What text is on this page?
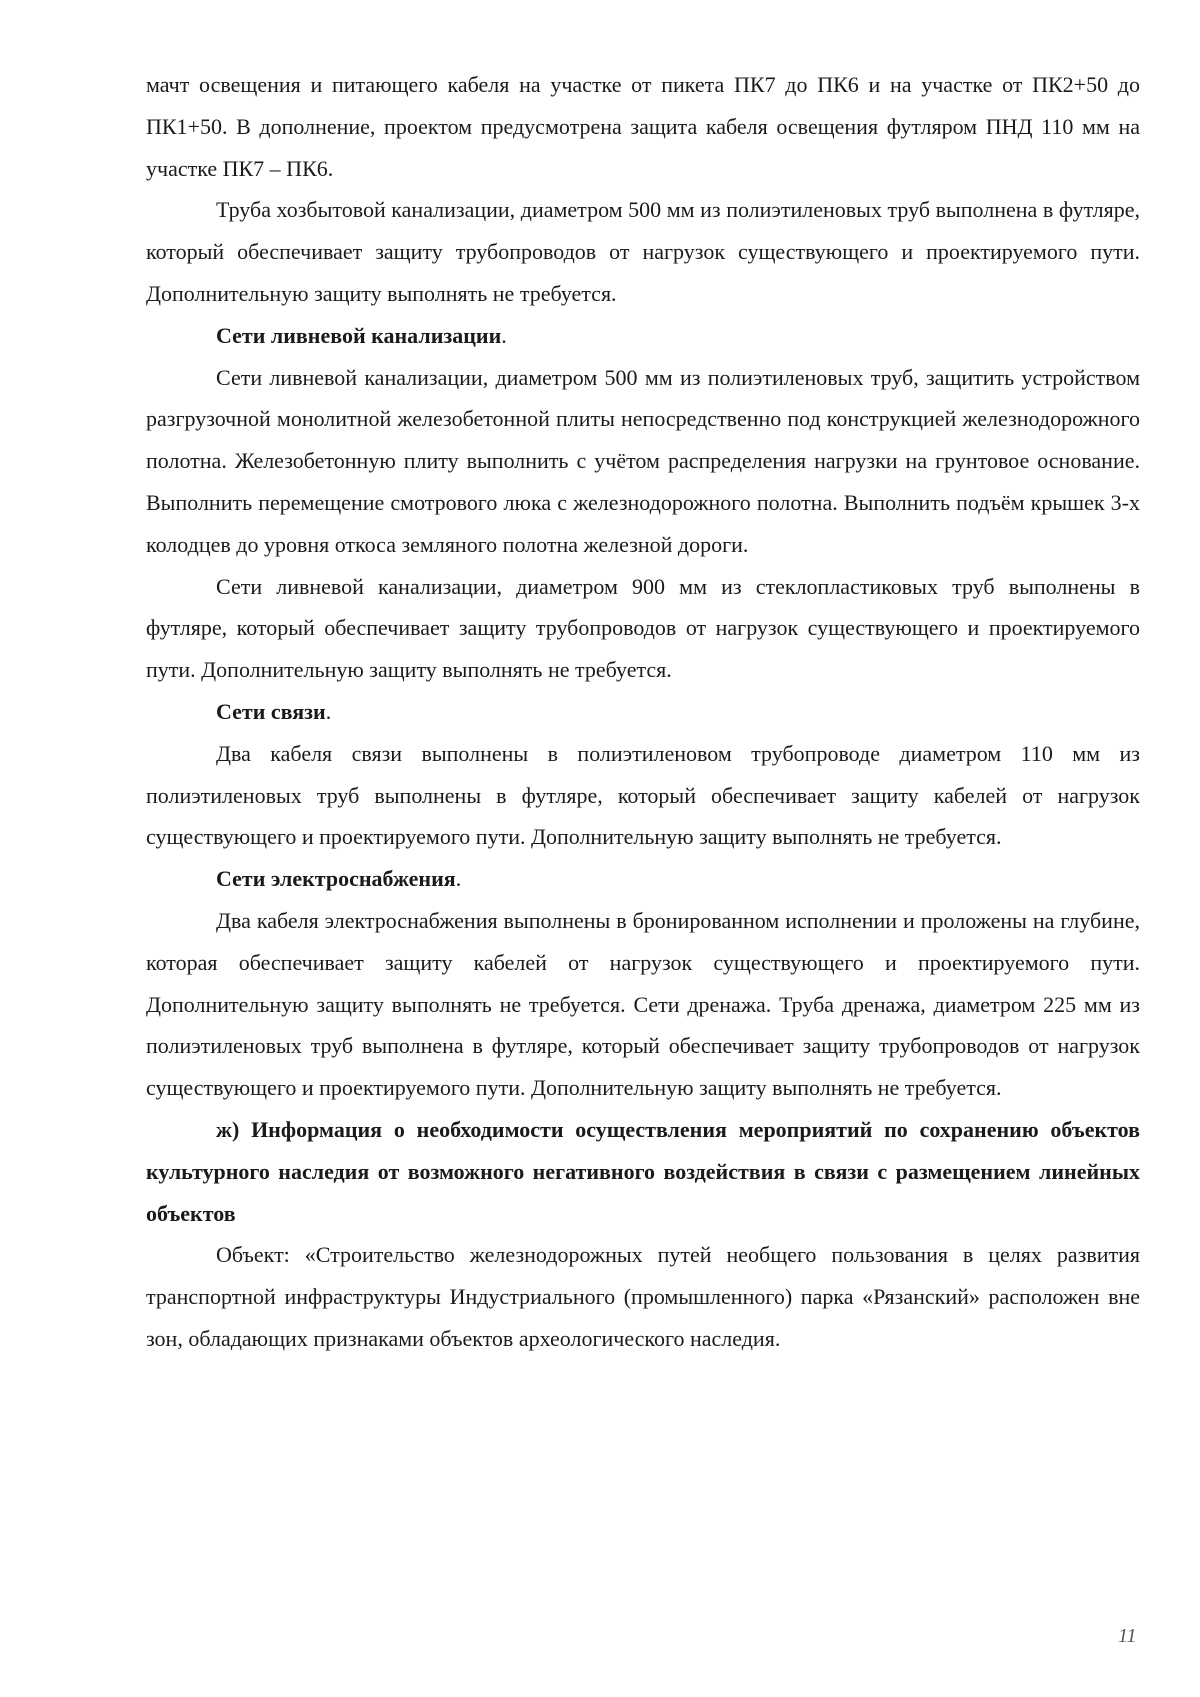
мачт освещения и питающего кабеля на участке от пикета ПК7 до ПК6 и на участке от ПК2+50 до ПК1+50. В дополнение, проектом предусмотрена защита кабеля освещения футляром ПНД 110 мм на участке ПК7 – ПК6.

Труба хозбытовой канализации, диаметром 500 мм из полиэтиленовых труб выполнена в футляре, который обеспечивает защиту трубопроводов от нагрузок существующего и проектируемого пути. Дополнительную защиту выполнять не требуется.

Сети ливневой канализации.

Сети ливневой канализации, диаметром 500 мм из полиэтиленовых труб, защитить устройством разгрузочной монолитной железобетонной плиты непосредственно под конструкцией железнодорожного полотна. Железобетонную плиту выполнить с учётом распределения нагрузки на грунтовое основание. Выполнить перемещение смотрового люка с железнодорожного полотна. Выполнить подъём крышек 3-х колодцев до уровня откоса земляного полотна железной дороги.

Сети ливневой канализации, диаметром 900 мм из стеклопластиковых труб выполнены в футляре, который обеспечивает защиту трубопроводов от нагрузок существующего и проектируемого пути. Дополнительную защиту выполнять не требуется.

Сети связи.

Два кабеля связи выполнены в полиэтиленовом трубопроводе диаметром 110 мм из полиэтиленовых труб выполнены в футляре, который обеспечивает защиту кабелей от нагрузок существующего и проектируемого пути. Дополнительную защиту выполнять не требуется.

Сети электроснабжения.

Два кабеля электроснабжения выполнены в бронированном исполнении и проложены на глубине, которая обеспечивает защиту кабелей от нагрузок существующего и проектируемого пути. Дополнительную защиту выполнять не требуется. Сети дренажа. Труба дренажа, диаметром 225 мм из полиэтиленовых труб выполнена в футляре, который обеспечивает защиту трубопроводов от нагрузок существующего и проектируемого пути. Дополнительную защиту выполнять не требуется.

ж) Информация о необходимости осуществления мероприятий по сохранению объектов культурного наследия от возможного негативного воздействия в связи с размещением линейных объектов

Объект: «Строительство железнодорожных путей необщего пользования в целях развития транспортной инфраструктуры Индустриального (промышленного) парка «Рязанский» расположен вне зон, обладающих признаками объектов археологического наследия.

11
